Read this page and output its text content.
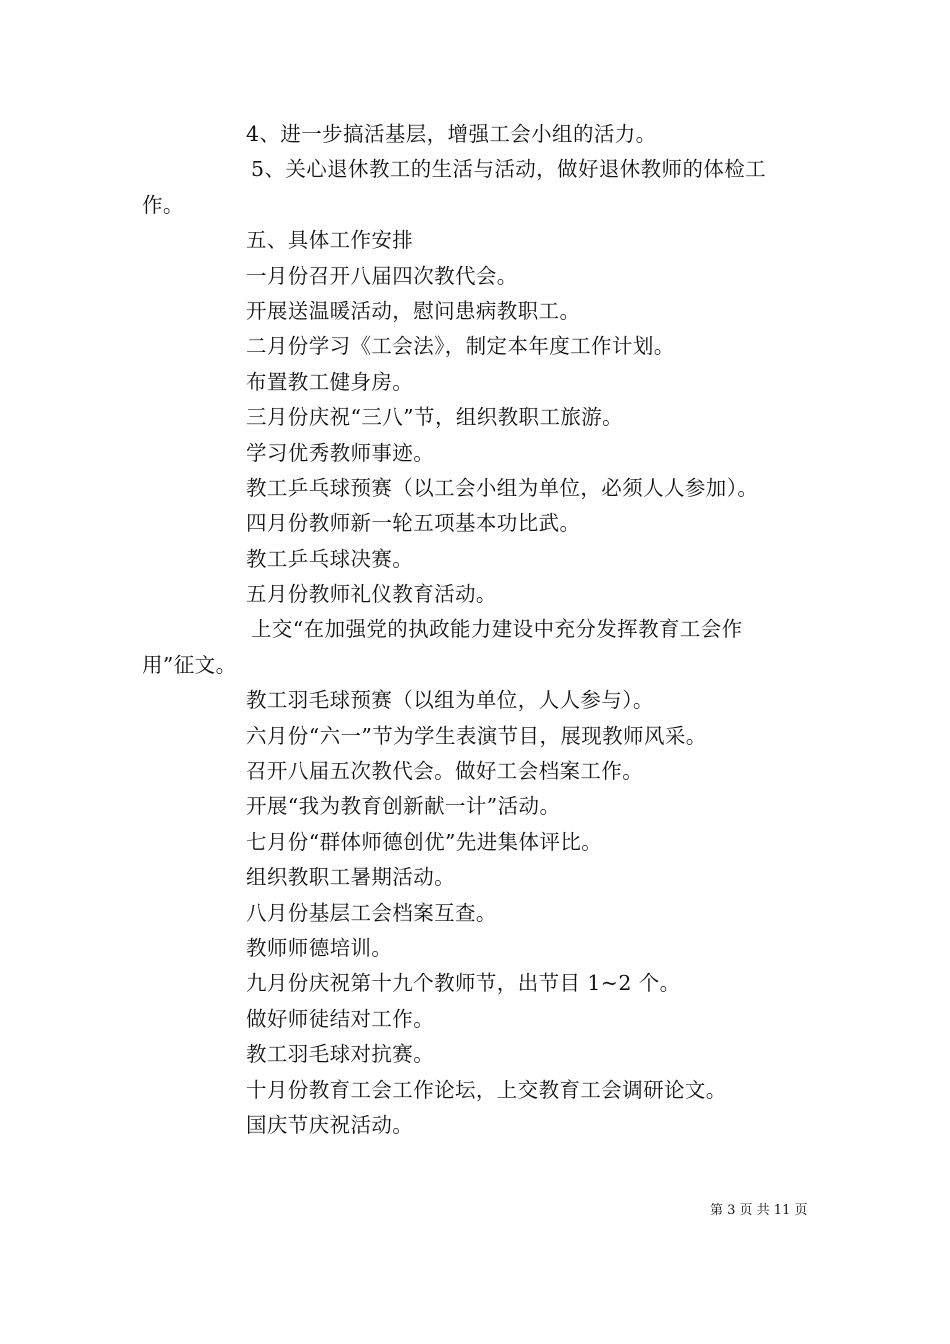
4、进一步搞活基层，增强工会小组的活力。
5、关心退休教工的生活与活动，做好退休教师的体检工
作。
五、具体工作安排
一月份召开八届四次教代会。
开展送温暖活动，慰问患病教职工。
二月份学习《工会法》，制定本年度工作计划。
布置教工健身房。
三月份庆祝“三八”节，组织教职工旅游。
学习优秀教师事迹。
教工乒乓球预赛（以工会小组为单位，必须人人参加）。
四月份教师新一轮五项基本功比武。
教工乒乓球决赛。
五月份教师礼仪教育活动。
上交“在加强党的执政能力建设中充分发挥教育工会作
用”征文。
教工羽毛球预赛（以组为单位，人人参与）。
六月份“六一”节为学生表演节目，展现教师风采。
召开八届五次教代会。做好工会档案工作。
开展“我为教育创新献一计”活动。
七月份“群体师德创优”先进集体评比。
组织教职工暑期活动。
八月份基层工会档案互查。
教师师德培训。
九月份庆祝第十九个教师节，出节目 1~2 个。
做好师徒结对工作。
教工羽毛球对抗赛。
十月份教育工会工作论坛，上交教育工会调研论文。
国庆节庆祝活动。
第 3 页 共 11 页
